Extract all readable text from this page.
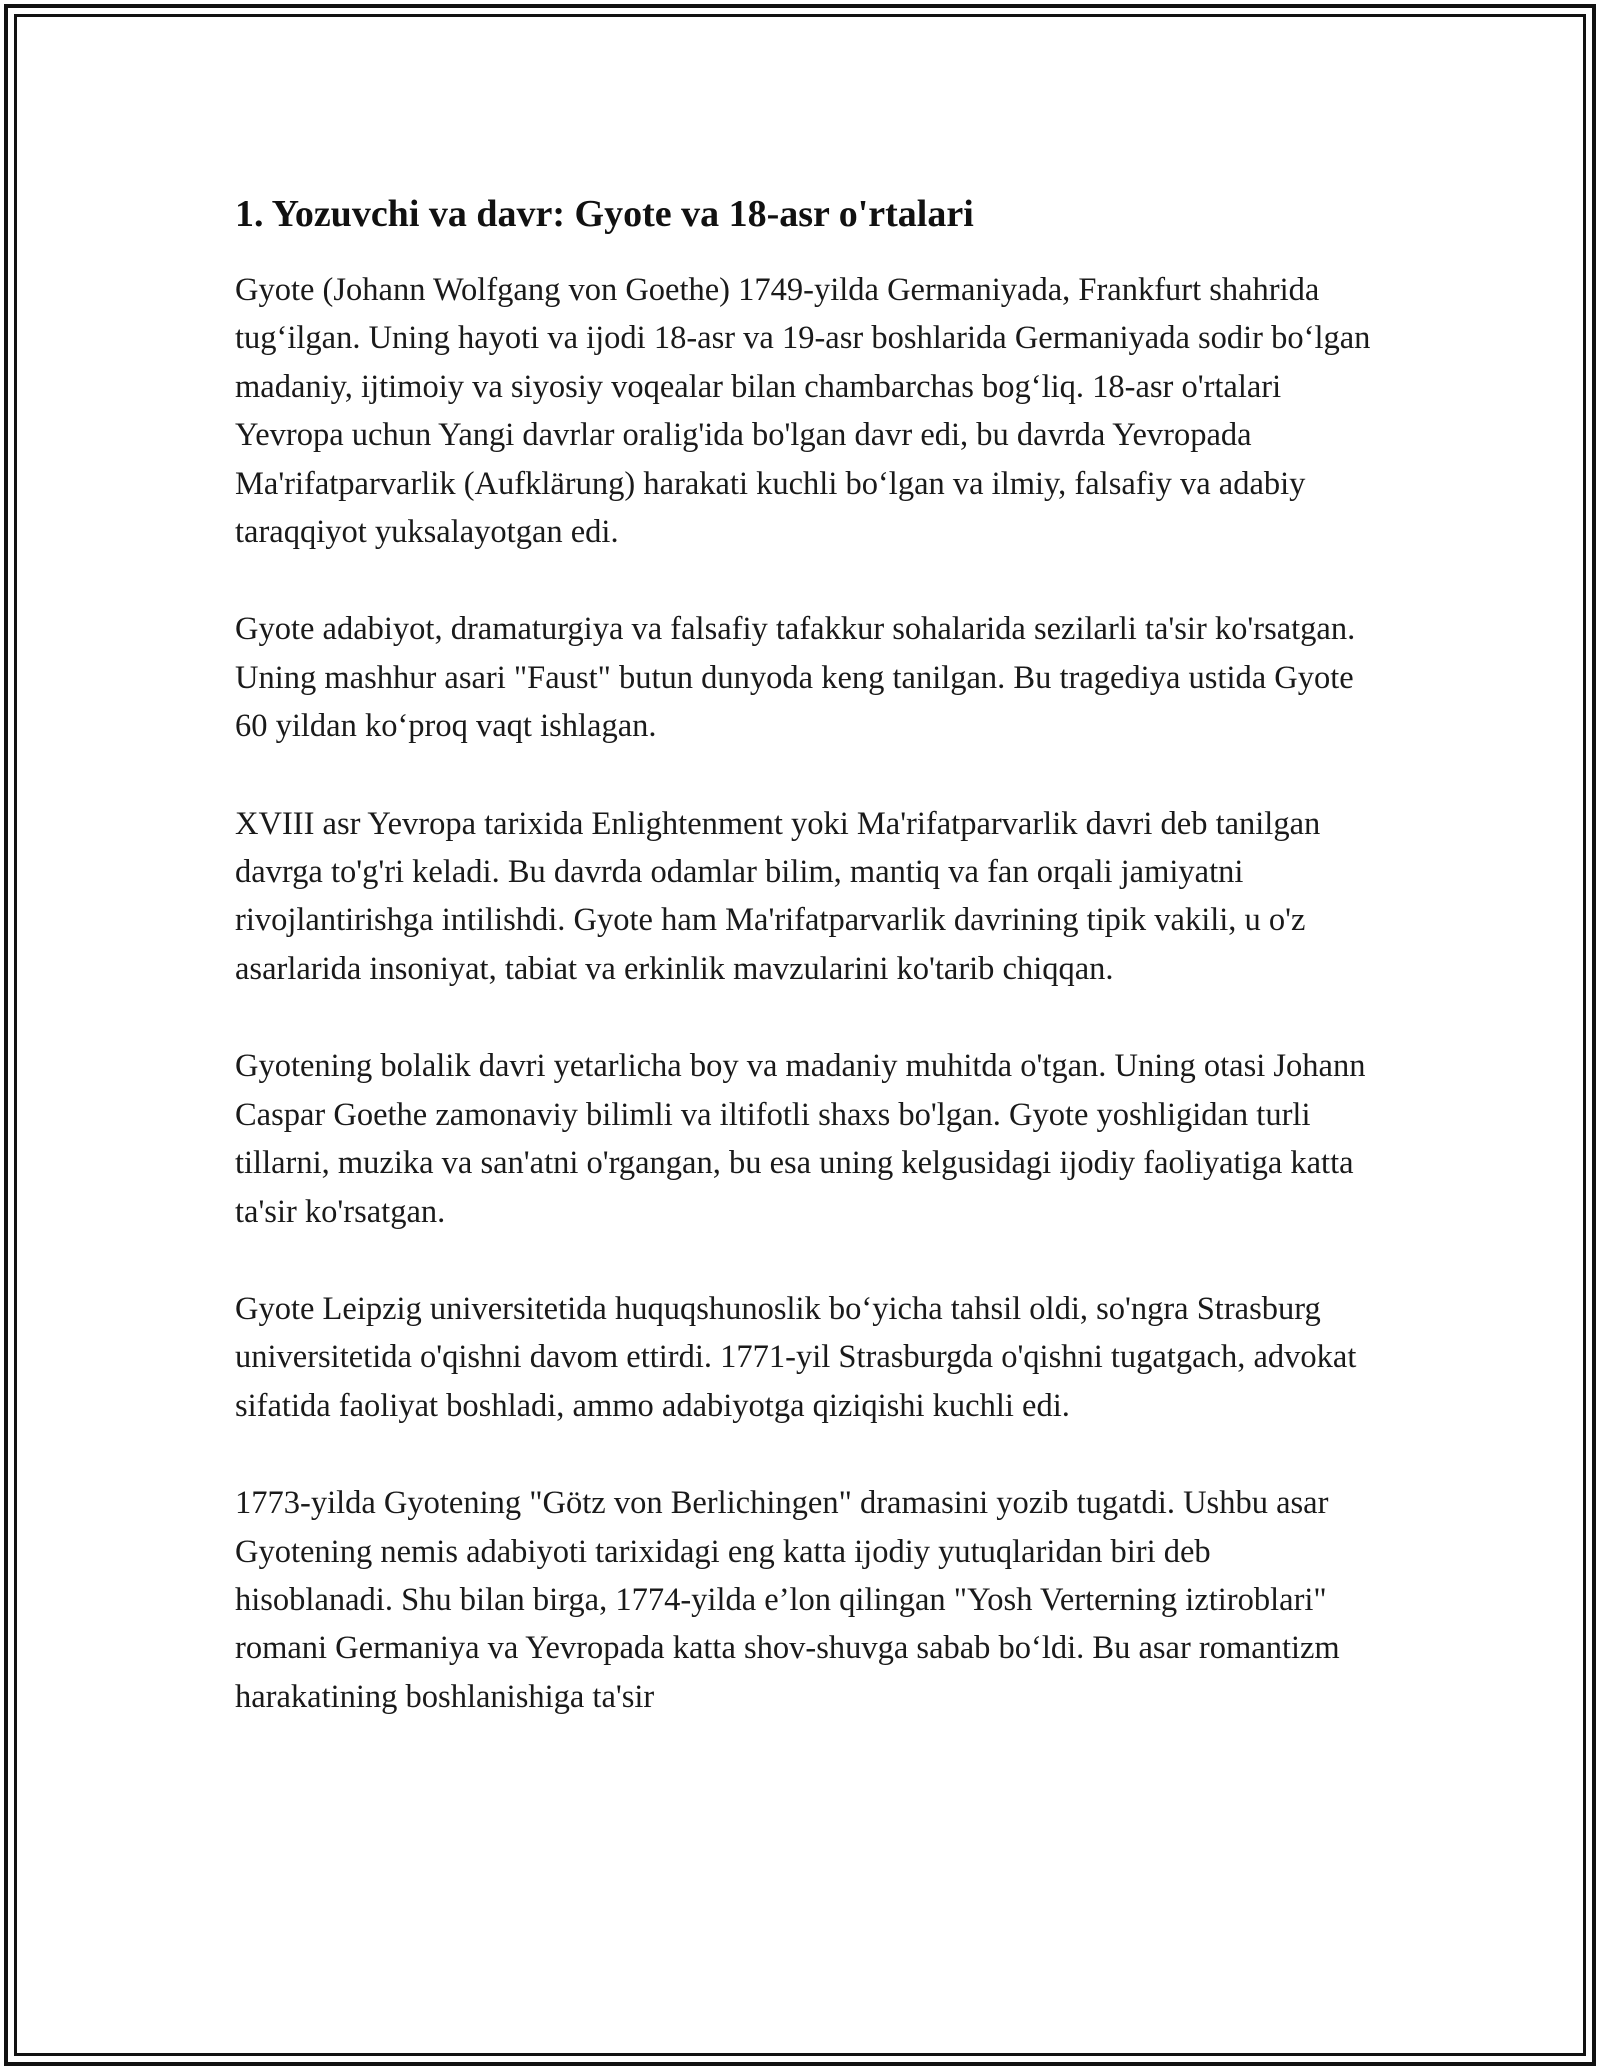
1. Yozuvchi va davr: Gyote va 18-asr o'rtalari

Gyote (Johann Wolfgang von Goethe) 1749-yilda Germaniyada, Frankfurt shahrida tug‘ilgan. Uning hayoti va ijodi 18-asr va 19-asr boshlarida Germaniyada sodir bo‘lgan madaniy, ijtimoiy va siyosiy voqealar bilan chambarchas bog‘liq. 18-asr o'rtalari Yevropa uchun Yangi davrlar oralig'ida bo'lgan davr edi, bu davrda Yevropada Ma'rifatparvarlik (Aufklärung) harakati kuchli bo‘lgan va ilmiy, falsafiy va adabiy taraqqiyot yuksalayotgan edi.

Gyote adabiyot, dramaturgiya va falsafiy tafakkur sohalarida sezilarli ta'sir ko'rsatgan. Uning mashhur asari "Faust" butun dunyoda keng tanilgan. Bu tragediya ustida Gyote 60 yildan ko‘proq vaqt ishlagan.

XVIII asr Yevropa tarixida Enlightenment yoki Ma'rifatparvarlik davri deb tanilgan davrga to'g'ri keladi. Bu davrda odamlar bilim, mantiq va fan orqali jamiyatni rivojlantirishga intilishdi. Gyote ham Ma'rifatparvarlik davrining tipik vakili, u o'z asarlarida insoniyat, tabiat va erkinlik mavzularini ko'tarib chiqqan.

Gyotening bolalik davri yetarlicha boy va madaniy muhitda o'tgan. Uning otasi Johann Caspar Goethe zamonaviy bilimli va iltifotli shaxs bo'lgan. Gyote yoshligidan turli tillarni, muzika va san'atni o'rgangan, bu esa uning kelgusidagi ijodiy faoliyatiga katta ta'sir ko'rsatgan.

Gyote Leipzig universitetida huquqshunoslik bo‘yicha tahsil oldi, so'ngra Strasburg universitetida o'qishni davom ettirdi. 1771-yil Strasburgda o'qishni tugatgach, advokat sifatida faoliyat boshladi, ammo adabiyotga qiziqishi kuchli edi.

1773-yilda Gyotening "Götz von Berlichingen" dramasini yozib tugatdi. Ushbu asar Gyotening nemis adabiyoti tarixidagi eng katta ijodiy yutuqlaridan biri deb hisoblanadi. Shu bilan birga, 1774-yilda e’lon qilingan "Yosh Verterning iztiroblari" romani Germaniya va Yevropada katta shov-shuvga sabab bo‘ldi. Bu asar romantizm harakatining boshlanishiga ta'sir
